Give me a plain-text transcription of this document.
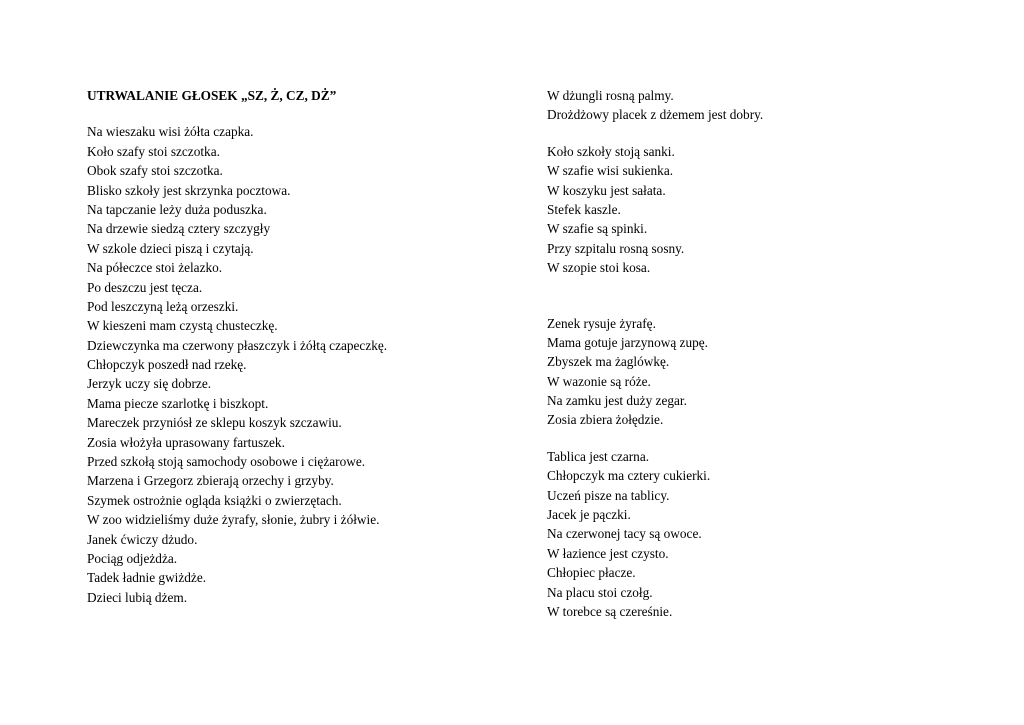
UTRWALANIE GŁOSEK „SZ, Ż, CZ, DŻ”
Na wieszaku wisi żółta czapka.
Koło szafy stoi szczotka.
Obok szafy stoi szczotka.
Blisko szkoły jest skrzynka pocztowa.
Na tapczanie leży duża poduszka.
Na drzewie siedzą cztery szczygły
W szkole dzieci piszą i czytają.
Na półeczce stoi żelazko.
Po deszczu jest tęcza.
Pod leszczyną leżą orzeszki.
W kieszeni mam czystą chusteczkę.
Dziewczynka ma czerwony płaszczyk i żółtą czapeczkę.
Chłopczyk poszedł nad rzekę.
Jerzyk uczy się dobrze.
Mama piecze szarlotkę i biszkopt.
Mareczek przyniósł ze sklepu koszyk szczawiu.
Zosia włożyła uprasowany fartuszek.
Przed szkołą stoją samochody osobowe i ciężarowe.
Marzena i Grzegorz zbierają orzechy i grzyby.
Szymek ostrożnie ogląda książki o zwierzętach.
W zoo widzieliśmy duże żyrafy, słonie, żubry i żółwie.
Janek ćwiczy dżudo.
Pociąg odjeżdża.
Tadek ładnie gwiżdże.
Dzieci lubią dżem.
W dżungli rosną palmy.
Drożdżowy placek z dżemem jest dobry.
Koło szkoły stoją sanki.
W szafie wisi sukienka.
W koszyku jest sałata.
Stefek kaszle.
W szafie są spinki.
Przy szpitalu rosną sosny.
W szopie stoi kosa.
Zenek rysuje żyrafę.
Mama gotuje jarzynową zupę.
Zbyszek ma żaglówkę.
W wazonie są róże.
Na zamku jest duży zegar.
Zosia zbiera żołędzie.
Tablica jest czarna.
Chłopczyk ma cztery cukierki.
Uczeń pisze na tablicy.
Jacek je pączki.
Na czerwonej tacy są owoce.
W łazience jest czysto.
Chłopiec płacze.
Na placu stoi czołg.
W torebce są czereśnie.
